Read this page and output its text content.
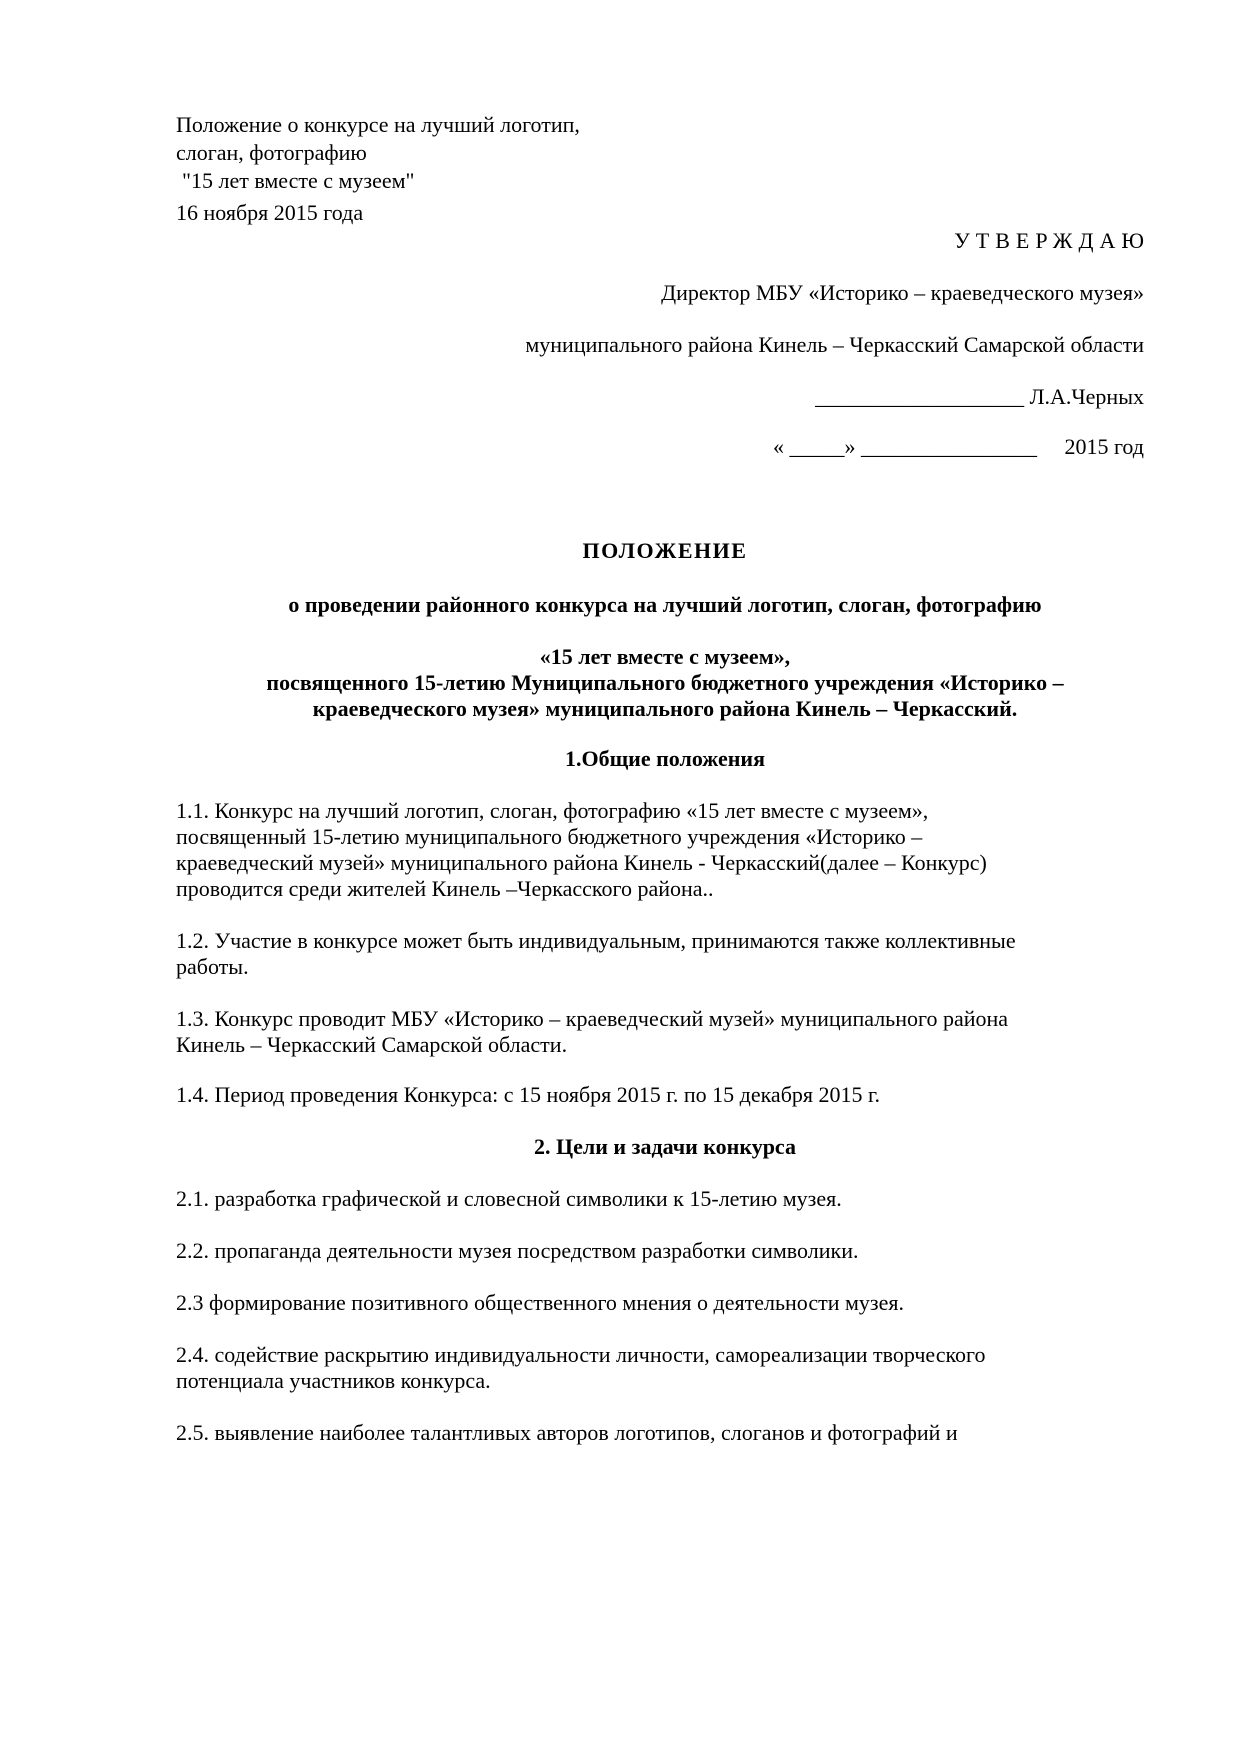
Положение о конкурсе на лучший логотип,
слоган, фотографию
"15 лет вместе с музеем"
16 ноября 2015 года
УТВЕРЖДАЮ
Директор МБУ «Историко – краеведческого музея»
муниципального района Кинель – Черкасский Самарской области
___________________ Л.А.Черных
« _____» ________________     2015 год
ПОЛОЖЕНИЕ
о проведении районного конкурса на лучший логотип, слоган, фотографию
«15 лет вместе с музеем»,
посвященного 15-летию Муниципального бюджетного учреждения «Историко –
краеведческого музея» муниципального района Кинель – Черкасский.
1.Общие положения
1.1. Конкурс на лучший логотип, слоган, фотографию «15 лет вместе с музеем»,
посвященный 15-летию муниципального бюджетного учреждения «Историко –
краеведческий музей» муниципального района Кинель - Черкасский(далее – Конкурс)
проводится среди жителей Кинель –Черкасского района..
1.2. Участие в конкурсе может быть индивидуальным, принимаются также коллективные
работы.
1.3. Конкурс проводит МБУ «Историко – краеведческий музей» муниципального района
Кинель – Черкасский Самарской области.
1.4. Период проведения Конкурса: с 15 ноября 2015 г. по 15 декабря 2015 г.
2. Цели и задачи конкурса
2.1. разработка графической и словесной символики к 15-летию музея.
2.2. пропаганда деятельности музея посредством разработки символики.
2.3 формирование позитивного общественного мнения о деятельности музея.
2.4. содействие раскрытию индивидуальности личности, самореализации творческого
потенциала участников конкурса.
2.5. выявление наиболее талантливых авторов логотипов, слоганов и фотографий и
